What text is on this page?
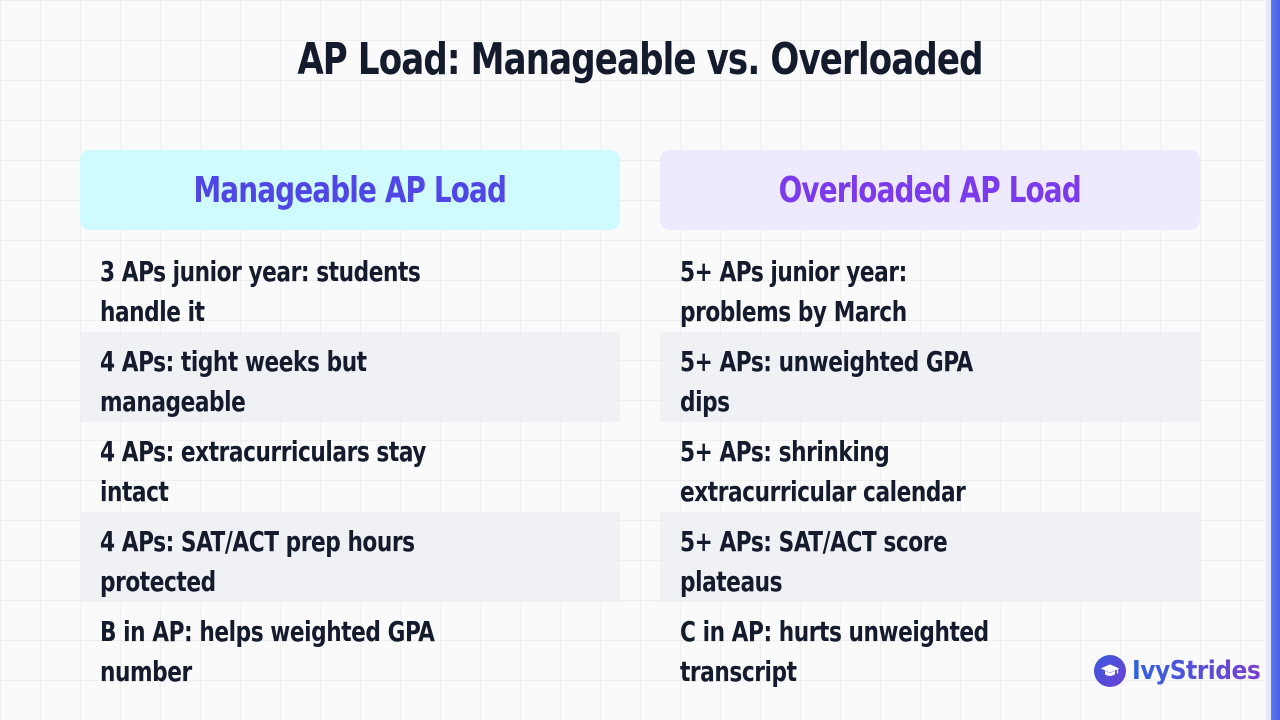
AP Load: Manageable vs. Overloaded
Manageable AP Load
3 APs junior year: students handle it
4 APs: tight weeks but manageable
4 APs: extracurriculars stay intact
4 APs: SAT/ACT prep hours protected
B in AP: helps weighted GPA number
Overloaded AP Load
5+ APs junior year: problems by March
5+ APs: unweighted GPA dips
5+ APs: shrinking extracurricular calendar
5+ APs: SAT/ACT score plateaus
C in AP: hurts unweighted transcript	IvyStrides
